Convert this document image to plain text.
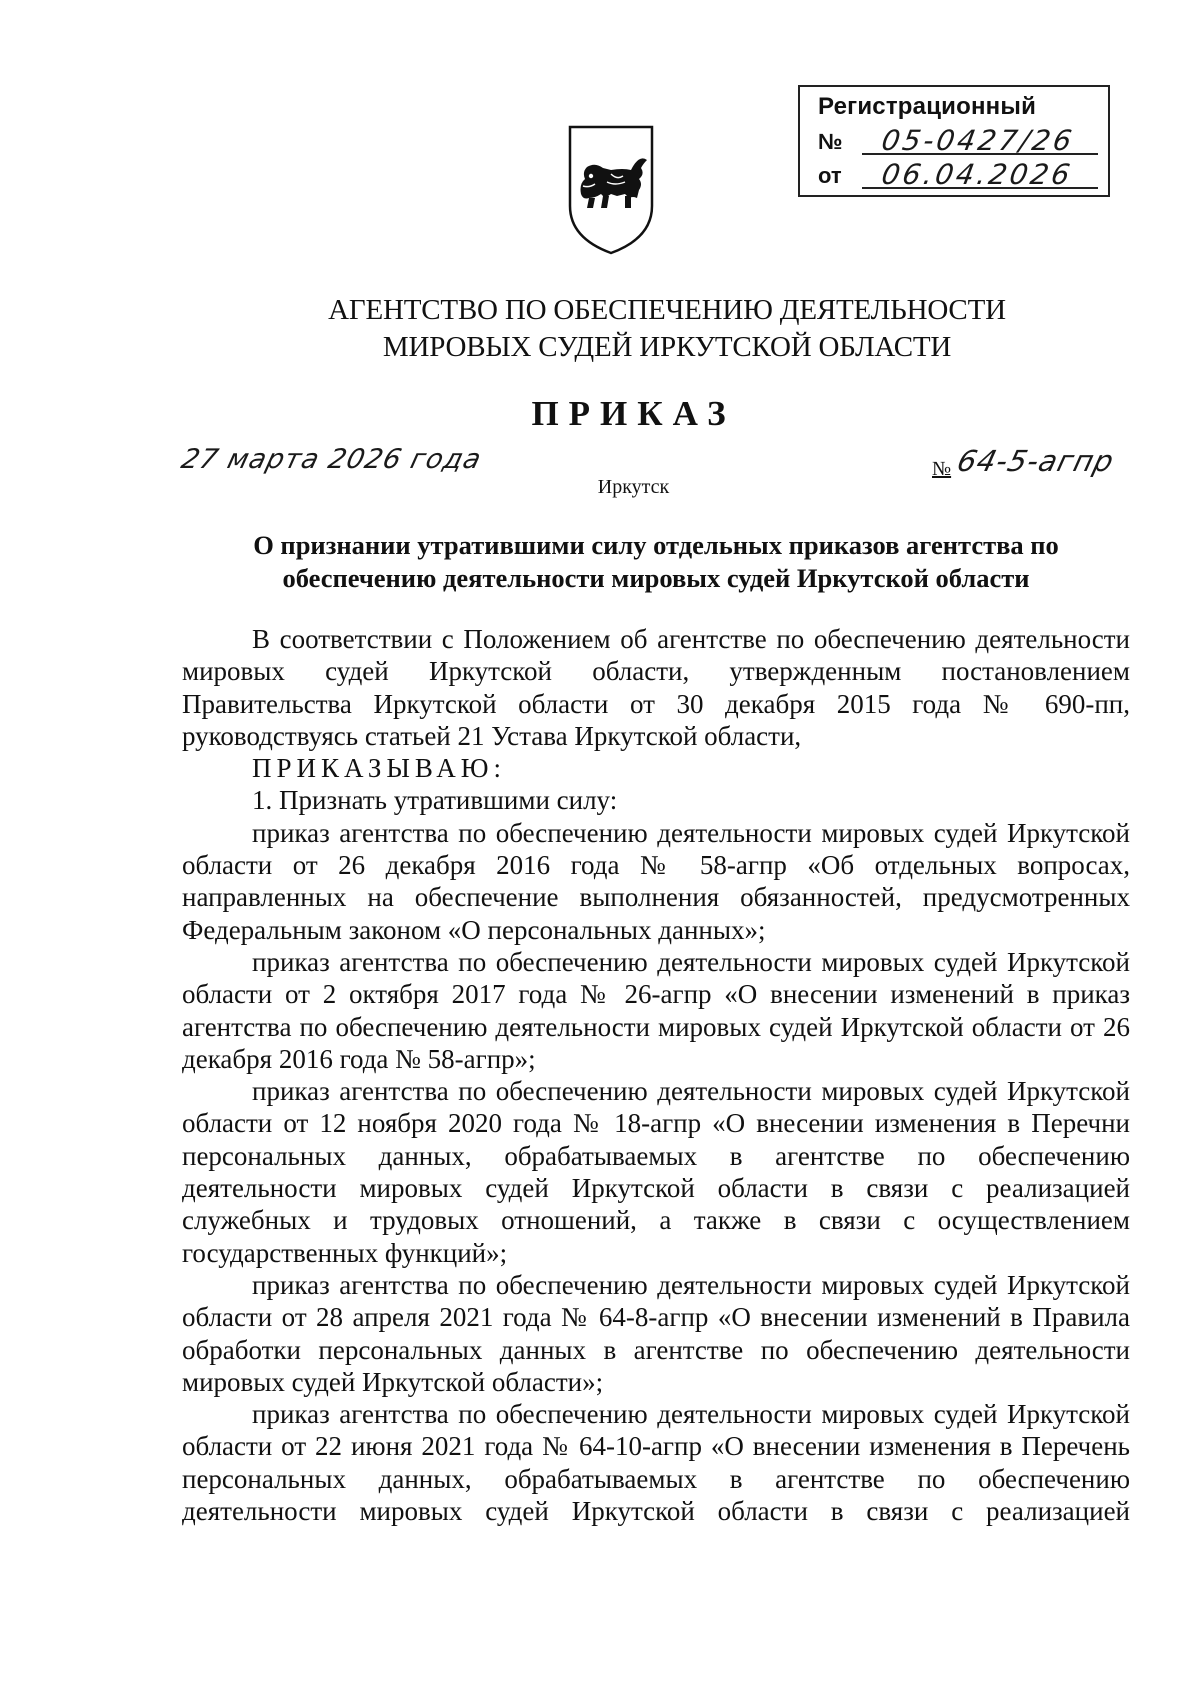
Регистрационный
№ 05-0427/26
от 06.04.2026
АГЕНТСТВО ПО ОБЕСПЕЧЕНИЮ ДЕЯТЕЛЬНОСТИ
МИРОВЫХ СУДЕЙ ИРКУТСКОЙ ОБЛАСТИ
ПРИКАЗ
27 марта 2026 года	№ 64-5-агпр
Иркутск
О признании утратившими силу отдельных приказов агентства по
обеспечению деятельности мировых судей Иркутской области
В соответствии с Положением об агентстве по обеспечению деятельности мировых судей Иркутской области, утвержденным постановлением Правительства Иркутской области от 30 декабря 2015 года № 690-пп, руководствуясь статьей 21 Устава Иркутской области,
ПРИКАЗЫВАЮ:
1. Признать утратившими силу:
приказ агентства по обеспечению деятельности мировых судей Иркутской области от 26 декабря 2016 года № 58-агпр «Об отдельных вопросах, направленных на обеспечение выполнения обязанностей, предусмотренных Федеральным законом «О персональных данных»;
приказ агентства по обеспечению деятельности мировых судей Иркутской области от 2 октября 2017 года № 26-агпр «О внесении изменений в приказ агентства по обеспечению деятельности мировых судей Иркутской области от 26 декабря 2016 года № 58-агпр»;
приказ агентства по обеспечению деятельности мировых судей Иркутской области от 12 ноября 2020 года № 18-агпр «О внесении изменения в Перечни персональных данных, обрабатываемых в агентстве по обеспечению деятельности мировых судей Иркутской области в связи с реализацией служебных и трудовых отношений, а также в связи с осуществлением государственных функций»;
приказ агентства по обеспечению деятельности мировых судей Иркутской области от 28 апреля 2021 года № 64-8-агпр «О внесении изменений в Правила обработки персональных данных в агентстве по обеспечению деятельности мировых судей Иркутской области»;
приказ агентства по обеспечению деятельности мировых судей Иркутской области от 22 июня 2021 года № 64-10-агпр «О внесении изменения в Перечень персональных данных, обрабатываемых в агентстве по обеспечению деятельности мировых судей Иркутской области в связи с реализацией
